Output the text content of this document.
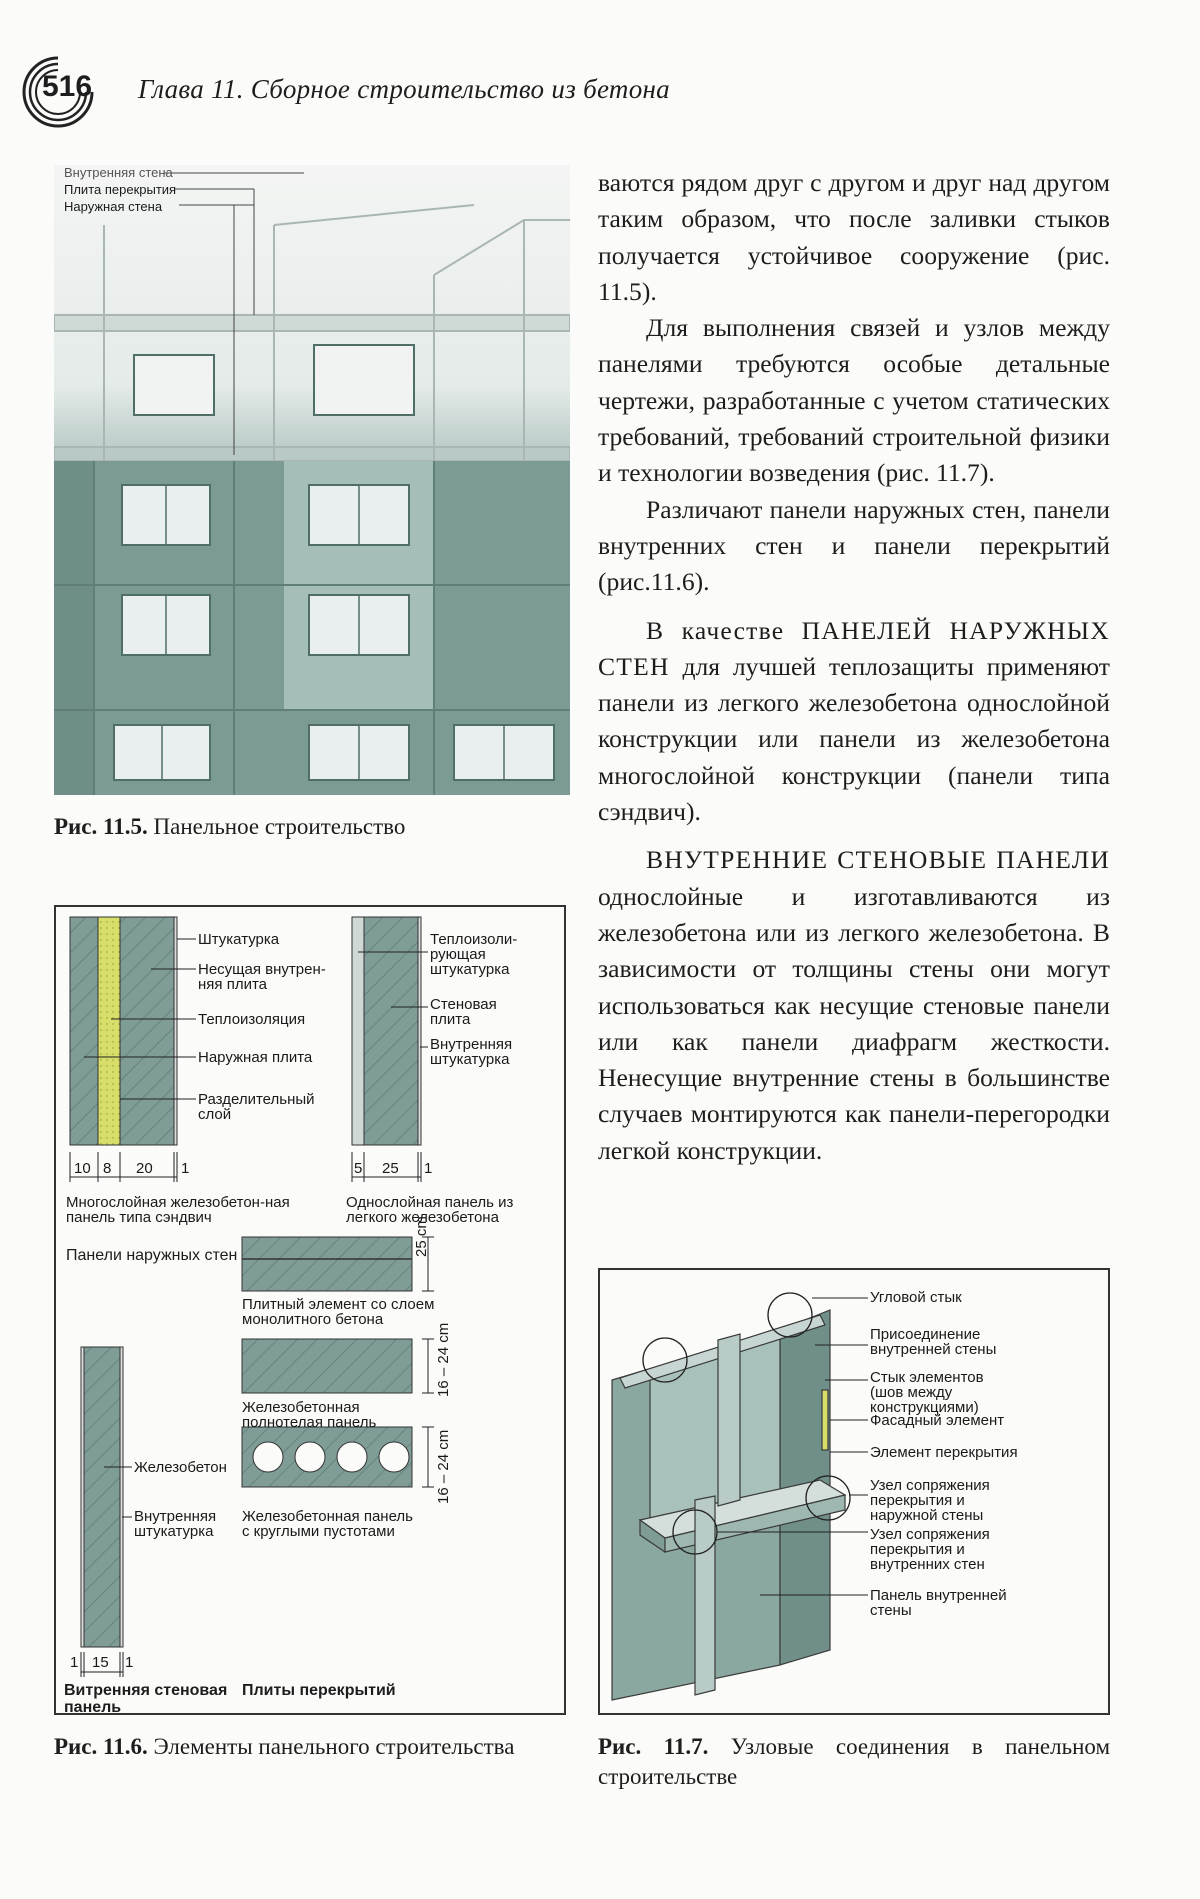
516 Глава 11. Сборное строительство из бетона
Внутренняя стена
Плита перекрытия
Наружная стена
Рис. 11.5. Панельное строительство

ваются рядом друг с другом и друг над другом таким образом, что после заливки стыков получается устойчивое сооружение (рис. 11.5).

Для выполнения связей и узлов между панелями требуются особые детальные чертежи, разработанные с учетом статических требований, требований строительной физики и технологии возведения (рис. 11.7).

Различают панели наружных стен, панели внутренних стен и панели перекрытий (рис.11.6).

В качестве ПАНЕЛЕЙ НАРУЖНЫХ СТЕН для лучшей теплозащиты применяют панели из легкого железобетона однослойной конструкции или панели из железобетона многослойной конструкции (панели типа сэндвич).

ВНУТРЕННИЕ СТЕНОВЫЕ ПАНЕЛИ однослойные и изготавливаются из железобетона или из легкого железобетона. В зависимости от толщины стены они могут использоваться как несущие стеновые панели или как панели диафрагм жесткости. Ненесущие внутренние стены в большинстве случаев монтируются как панели-перегородки легкой конструкции.

Штукатурка
Несущая внутрен-няя плита
Теплоизоляция
Наружная плита
Разделительный слой
10 8 20 1
Многослойная железобетон-ная панель типа сэндвич
Теплоизоли-рующая штукатурка
Стеновая плита
Внутренняя штукатурка
5 25 1
Однослойная панель из легкого железобетона
Панели наружных стен
Железобетон
Внутренняя штукатурка
1 15 1
Витренняя стеновая панель
Плитный элемент со слоем монолитного бетона
25 cm
Железобетонная полнотелая панель
16 – 24 cm
Железобетонная панель с круглыми пустотами
16 – 24 cm
Плиты перекрытий
Рис. 11.6. Элементы панельного строительства
Угловой стык
Присоединение внутренней стены
Стык элементов (шов между конструкциями)
Фасадный элемент
Элемент перекрытия
Узел сопряжения перекрытия и наружной стены
Узел сопряжения перекрытия и внутренних стен
Панель внутренней стены
Рис. 11.7. Узловые соединения в панельном строительстве
